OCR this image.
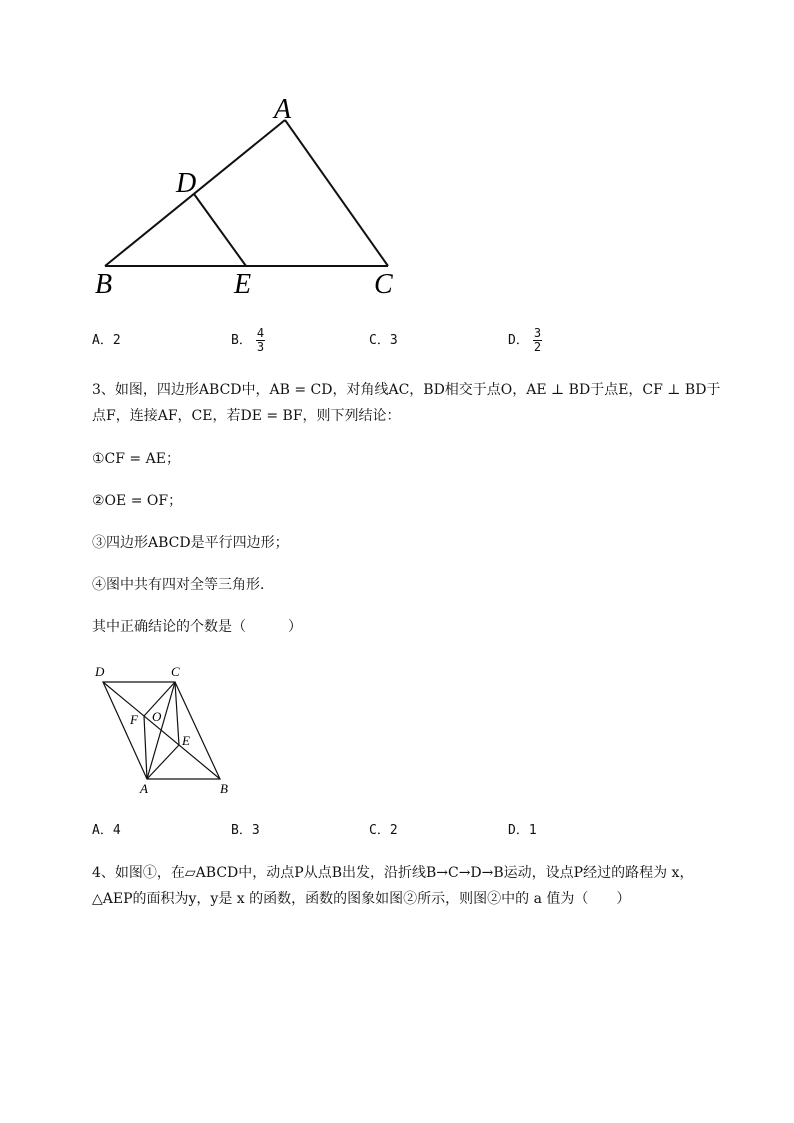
A
D
B	E	C
A．2	B． $\frac{4}{3}$	C．3	D． $\frac{3}{2}$
3、如图，四边形ABCD中，AB = CD，对角线AC，BD相交于点O，AE ⊥ BD于点E，CF ⊥ BD于
点F，连接AF，CE，若DE = BF，则下列结论：
①CF = AE；
②OE = OF；
③四边形ABCD是平行四边形；
④图中共有四对全等三角形．
其中正确结论的个数是（　　　）
D	C
F O
E
A	B
A．4	B．3	C．2	D．1
4、如图①，在▱ABCD中，动点P从点B出发，沿折线B→C→D→B运动，设点P经过的路程为 x，
△AEP的面积为y，y是 x 的函数，函数的图象如图②所示，则图②中的 a 值为（　　）
